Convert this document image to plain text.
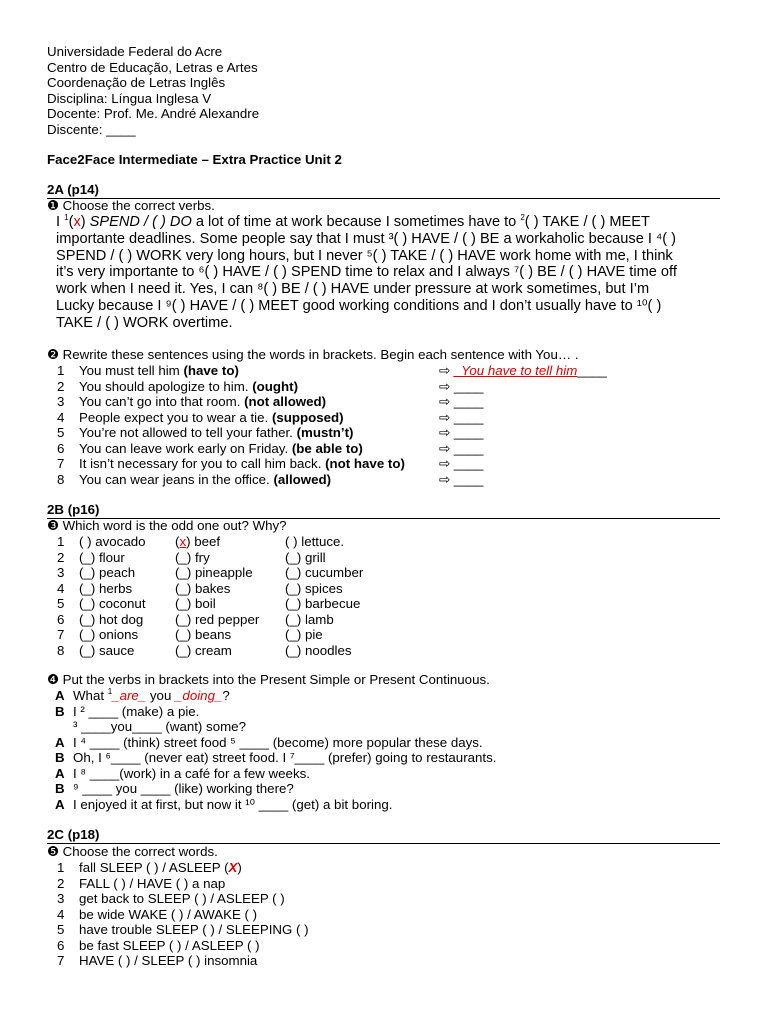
Universidade Federal do Acre
Centro de Educação, Letras e Artes
Coordenação de Letras Inglês
Disciplina: Língua Inglesa V
Docente: Prof. Me. André Alexandre
Discente: ____
Face2Face Intermediate – Extra Practice Unit 2
2A (p14)
❶ Choose the correct verbs.
I $^1$(x) SPEND / ( ) DO a lot of time at work because I sometimes have to $^2$( ) TAKE / ( ) MEET
importante deadlines. Some people say that I must ³( ) HAVE / ( ) BE a workaholic because I ⁴( )
SPEND / ( ) WORK very long hours, but I never ⁵( ) TAKE / ( ) HAVE work home with me, I think
it’s very importante to ⁶( ) HAVE / ( ) SPEND time to relax and I always ⁷( ) BE / ( ) HAVE time off
work when I need it. Yes, I can ⁸( ) BE / ( ) HAVE under pressure at work sometimes, but I’m
Lucky because I ⁹( ) HAVE / ( ) MEET good working conditions and I don’t usually have to ¹⁰( )
TAKE / ( ) WORK overtime.
❷ Rewrite these sentences using the words in brackets. Begin each sentence with You… .
1	You must tell him (have to)	⇨ _You have to tell him____
2	You should apologize to him. (ought)	⇨ ____
3	You can’t go into that room. (not allowed)	⇨ ____
4	People expect you to wear a tie. (supposed)	⇨ ____
5	You’re not allowed to tell your father. (mustn’t)	⇨ ____
6	You can leave work early on Friday. (be able to)	⇨ ____
7	It isn’t necessary for you to call him back. (not have to)	⇨ ____
8	You can wear jeans in the office. (allowed)	⇨ ____
2B (p16)
❸ Which word is the odd one out? Why?
1	( ) avocado (x) beef	( ) lettuce.
2	(_) flour	(_) fry	(_) grill
3	(_) peach	(_) pineapple (_) cucumber
4	(_) herbs	(_) bakes	(_) spices
5	(_) coconut (_) boil	(_) barbecue
6	(_) hot dog (_) red pepper (_) lamb
7	(_) onions	(_) beans	(_) pie
8	(_) sauce	(_) cream	(_) noodles
❹ Put the verbs in brackets into the Present Simple or Present Continuous.
A What $^1$_are_ you _doing_?
B I ² ____ (make) a pie.
³ ____you____ (want) some?
A I ⁴ ____ (think) street food ⁵ ____ (become) more popular these days.
B Oh, I ⁶____ (never eat) street food. I ⁷____ (prefer) going to restaurants.
A I ⁸ ____(work) in a café for a few weeks.
B ⁹ ____ you ____ (like) working there?
A I enjoyed it at first, but now it ¹⁰ ____ (get) a bit boring.
2C (p18)
❺ Choose the correct words.
1	fall SLEEP ( ) / ASLEEP (X)
2	FALL ( ) / HAVE ( ) a nap
3	get back to SLEEP ( ) / ASLEEP ( )
4	be wide WAKE ( ) / AWAKE ( )
5	have trouble SLEEP ( ) / SLEEPING ( )
6	be fast SLEEP ( ) / ASLEEP ( )
7	HAVE ( ) / SLEEP ( ) insomnia
